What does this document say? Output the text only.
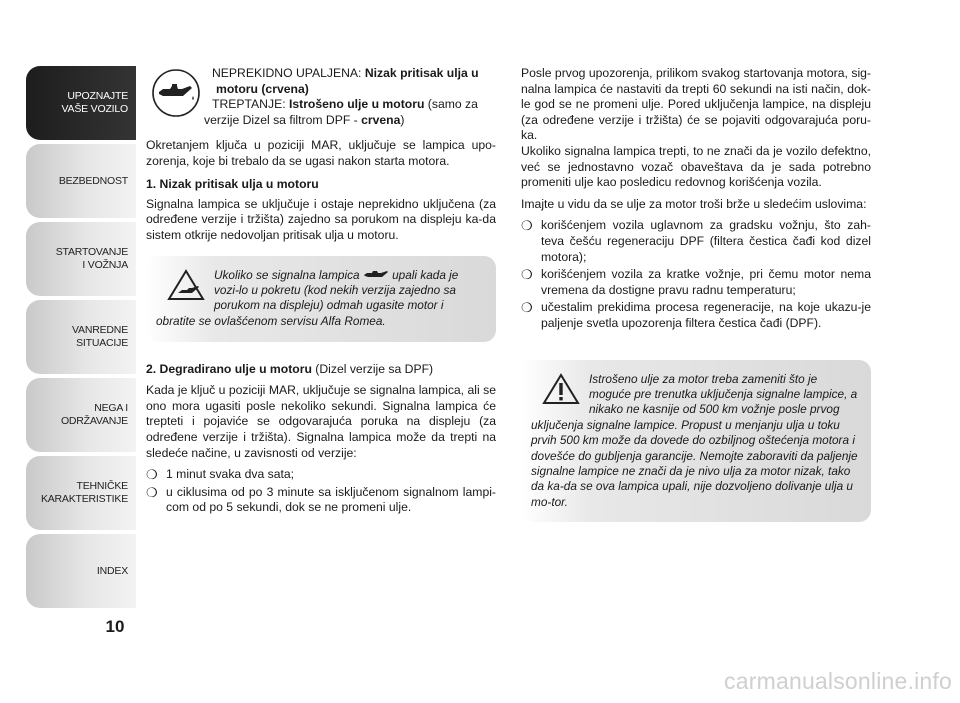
UPOZNAJTE
VAŠE VOZILO
BEZBEDNOST
STARTOVANJE
I VOŽNJA
VANREDNE
SITUACIJE
NEGA I
ODRŽAVANJE
TEHNIČKE
KARAKTERISTIKE
INDEX
10
NEPREKIDNO UPALJENA: Nizak pritisak ulja u
motoru (crvena)
TREPTANJE: Istrošeno ulje u motoru (samo za
verzije Dizel sa filtrom DPF - crvena)

Okretanjem ključa u poziciji MAR, uključuje se lampica upo-zorenja, koje bi trebalo da se ugasi nakon starta motora.

1. Nizak pritisak ulja u motoru

Signalna lampica se uključuje i ostaje neprekidno uključena (za određene verzije i tržišta) zajedno sa porukom na displeju ka-da sistem otkrije nedovoljan pritisak ulja u motoru.

Ukoliko se signalna lampica  upali kada je vozi-lo u pokretu (kod nekih verzija zajedno sa porukom na displeju) odmah ugasite motor i obratite se ovlašćenom servisu Alfa Romea.

2. Degradirano ulje u motoru (Dizel verzije sa DPF)

Kada je ključ u poziciji MAR, uključuje se signalna lampica, ali se ono mora ugasiti posle nekoliko sekundi. Signalna lampica će trepteti i pojaviće se odgovarajuća poruka na displeju (za određene verzije i tržišta). Signalna lampica može da trepti na sledeće načine, u zavisnosti od verzije:

❍ 1 minut svaka dva sata;
❍ u ciklusima od po 3 minute sa isključenom signalnom lampi-com od po 5 sekundi, dok se ne promeni ulje.

Posle prvog upozorenja, prilikom svakog startovanja motora, sig-nalna lampica će nastaviti da trepti 60 sekundi na isti način, dok-le god se ne promeni ulje. Pored uključenja lampice, na displeju (za određene verzije i tržišta) će se pojaviti odgovarajuća poru-ka.

Ukoliko signalna lampica trepti, to ne znači da je vozilo defektno, već se jednostavno vozač obaveštava da je sada potrebno promeniti ulje kao posledicu redovnog korišćenja vozila.

Imajte u vidu da se ulje za motor troši brže u sledećim uslovima:

❍ korišćenjem vozila uglavnom za gradsku vožnju, što zah-teva češću regeneraciju DPF (filtera čestica čađi kod dizel motora);
❍ korišćenjem vozila za kratke vožnje, pri čemu motor nema vremena da dostigne pravu radnu temperaturu;
❍ učestalim prekidima procesa regeneracije, na koje ukazu-je paljenje svetla upozorenja filtera čestica čađi (DPF).
Istrošeno ulje za motor treba zameniti što je moguće pre trenutka uključenja signalne lampice, a nikako ne kasnije od 500 km vožnje posle prvog uključenja signalne lampice. Propust u menjanju ulja u toku prvih 500 km može da dovede do ozbiljnog oštećenja motora i dovešće do gubljenja garancije. Nemojte zaboraviti da paljenje signalne lampice ne znači da je nivo ulja za motor nizak, tako da ka-da se ova lampica upali, nije dozvoljeno dolivanje ulja u mo-tor.
carmanualsonline.info
